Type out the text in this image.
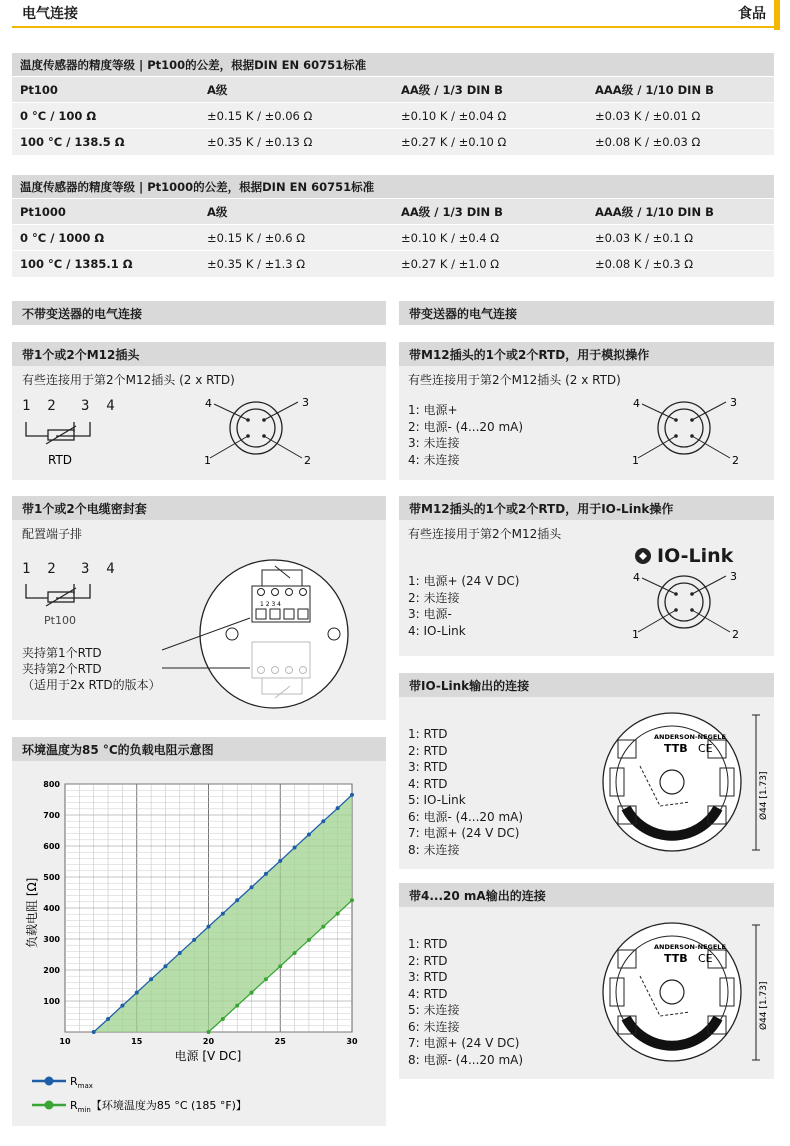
电气连接	食品
温度传感器的精度等级 | Pt100的公差，根据DIN EN 60751标准			
Pt100	A级	AA级 / 1/3 DIN B	AAA级 / 1/10 DIN B
0 °C / 100 Ω	±0.15 K / ±0.06 Ω	±0.10 K / ±0.04 Ω	±0.03 K / ±0.01 Ω
100 °C / 138.5 Ω	±0.35 K / ±0.13 Ω	±0.27 K / ±0.10 Ω	±0.08 K / ±0.03 Ω
温度传感器的精度等级 | Pt1000的公差，根据DIN EN 60751标准			
Pt1000	A级	AA级 / 1/3 DIN B	AAA级 / 1/10 DIN B
0 °C / 1000 Ω	±0.15 K / ±0.6 Ω	±0.10 K / ±0.4 Ω	±0.03 K / ±0.1 Ω
100 °C / 1385.1 Ω	±0.35 K / ±1.3 Ω	±0.27 K / ±1.0 Ω	±0.08 K / ±0.3 Ω
不带变送器的电气连接	带变送器的电气连接
带1个或2个M12插头
有些连接用于第2个M12插头 (2 x RTD)
1  2   3  4
RTD
4	3
1	2
带1个或2个电缆密封套
配置端子排
1  2   3  4
Pt100
1 2 3 4
夹持第1个RTD
夹持第2个RTD
（适用于2x RTD的版本）
环境温度为85 °C的负载电阻示意图
负载电阻 [Ω]
电源 [V DC]
10	15	20	25	30
100
200
300
400
500
600
700
800
$R_{max}$
$R_{min}$【环境温度为85 °C (185 °F)】
带M12插头的1个或2个RTD，用于模拟操作
有些连接用于第2个M12插头 (2 x RTD)
1: 电源+
2: 电源- (4...20 mA)
3: 未连接
4: 未连接
4	3
1	2
带M12插头的1个或2个RTD，用于IO-Link操作
有些连接用于第2个M12插头
IO-Link
1: 电源+ (24 V DC)
2: 未连接
3: 电源-
4: IO-Link
4	3
1	2
带IO-Link输出的连接
1: RTD
2: RTD
3: RTD
4: RTD
5: IO-Link
6: 电源- (4...20 mA)
7: 电源+ (24 V DC)
8: 未连接
带4...20 mA输出的连接
1: RTD
2: RTD
3: RTD
4: RTD
5: 未连接
6: 未连接
7: 电源+ (24 V DC)
8: 电源- (4...20 mA)
ANDERSON-NEGELE
TTB CE
Ø44 [1.73]
ANDERSON-NEGELE
TTB CE
Ø44 [1.73]
